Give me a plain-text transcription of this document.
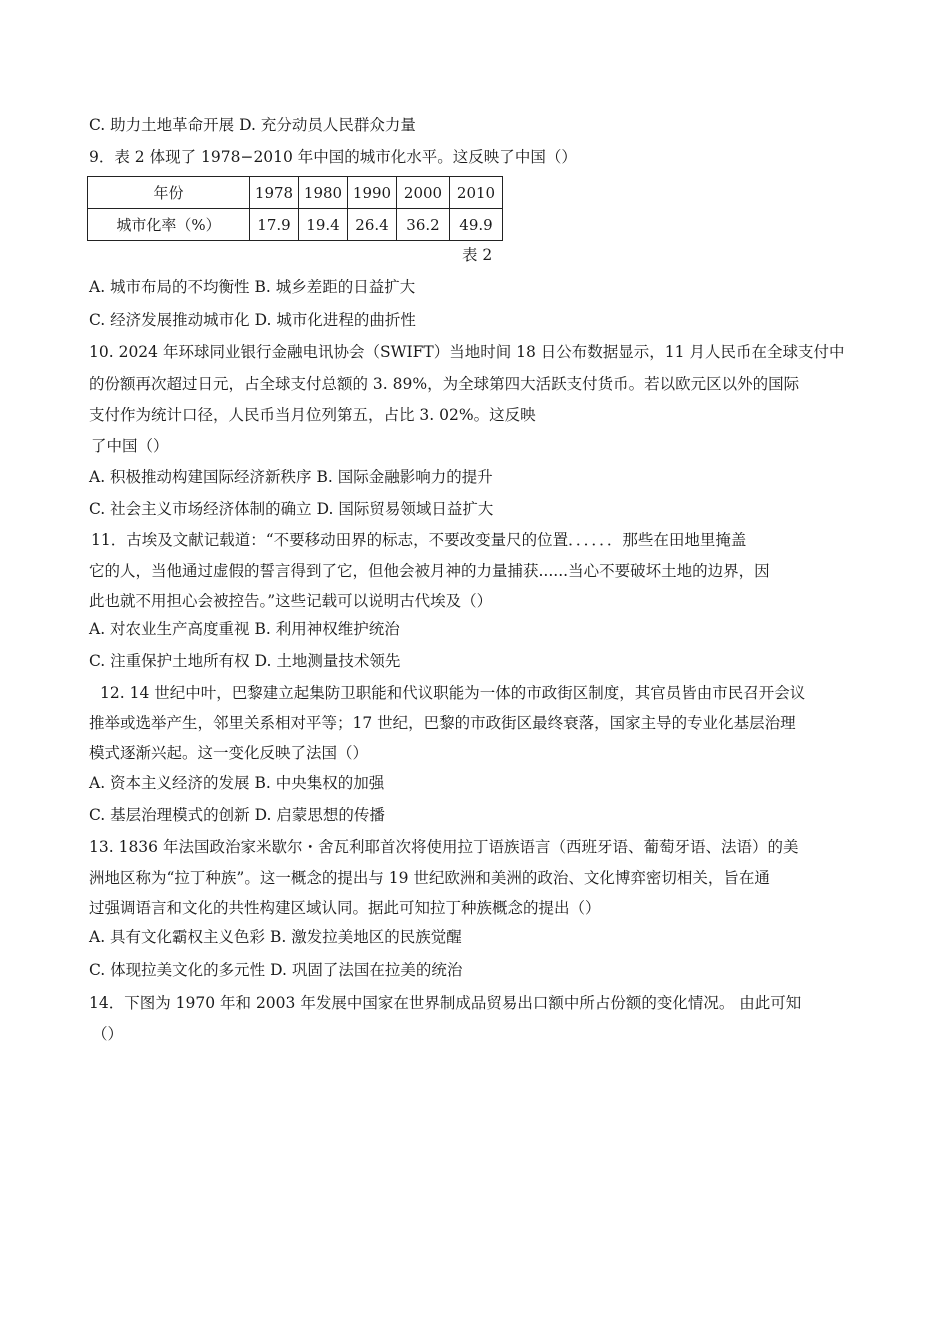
C. 助力土地革命开展 D. 充分动员人民群众力量
9．表 2 体现了 1978−2010 年中国的城市化水平。这反映了中国（）
年份	1978	1980	1990	2000	2010
城市化率（%）	17.9	19.4	26.4	36.2	49.9
表 2
A. 城市布局的不均衡性 B. 城乡差距的日益扩大
C. 经济发展推动城市化 D. 城市化进程的曲折性
10. 2024 年环球同业银行金融电讯协会（SWIFT）当地时间 18 日公布数据显示，11 月人民币在全球支付中
的份额再次超过日元，占全球支付总额的 3. 89%，为全球第四大活跃支付货币。若以欧元区以外的国际
支付作为统计口径，人民币当月位列第五，占比 3. 02%。这反映
了中国（）
A. 积极推动构建国际经济新秩序 B. 国际金融影响力的提升
C. 社会主义市场经济体制的确立 D. 国际贸易领域日益扩大
11．古埃及文献记载道：“不要移动田界的标志，不要改变量尺的位置．．．．．．那些在田地里掩盖
它的人，当他通过虚假的誓言得到了它，但他会被月神的力量捕获......当心不要破坏土地的边界，因
此也就不用担心会被控告。”这些记载可以说明古代埃及（）
A. 对农业生产高度重视 B. 利用神权维护统治
C. 注重保护土地所有权 D. 土地测量技术领先
12. 14 世纪中叶，巴黎建立起集防卫职能和代议职能为一体的市政街区制度，其官员皆由市民召开会议
推举或选举产生，邻里关系相对平等；17 世纪，巴黎的市政街区最终衰落，国家主导的专业化基层治理
模式逐渐兴起。这一变化反映了法国（）
A. 资本主义经济的发展 B. 中央集权的加强
C. 基层治理模式的创新 D. 启蒙思想的传播
13. 1836 年法国政治家米歇尔・舍瓦利耶首次将使用拉丁语族语言（西班牙语、葡萄牙语、法语）的美
洲地区称为“拉丁种族”。这一概念的提出与 19 世纪欧洲和美洲的政治、文化博弈密切相关，旨在通
过强调语言和文化的共性构建区域认同。据此可知拉丁种族概念的提出（）
A. 具有文化霸权主义色彩 B. 激发拉美地区的民族觉醒
C. 体现拉美文化的多元性 D. 巩固了法国在拉美的统治
14．下图为 1970 年和 2003 年发展中国家在世界制成品贸易出口额中所占份额的变化情况。 由此可知
（）
